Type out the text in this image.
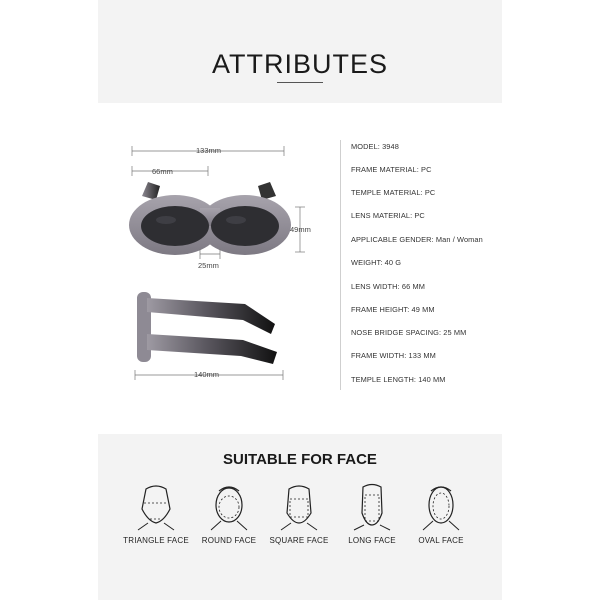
ATTRIBUTES
133mm
66mm
49mm
25mm
140mm
MODEL: 3948
FRAME MATERIAL: PC
TEMPLE MATERIAL: PC
LENS MATERIAL: PC
APPLICABLE GENDER: Man / Woman
WEIGHT: 40 G
LENS WIDTH: 66 MM
FRAME HEIGHT: 49 MM
NOSE BRIDGE SPACING: 25 MM
FRAME WIDTH: 133 MM
TEMPLE LENGTH: 140 MM
SUITABLE FOR FACE
TRIANGLE FACE	ROUND FACE	SQUARE FACE	LONG FACE	OVAL FACE
